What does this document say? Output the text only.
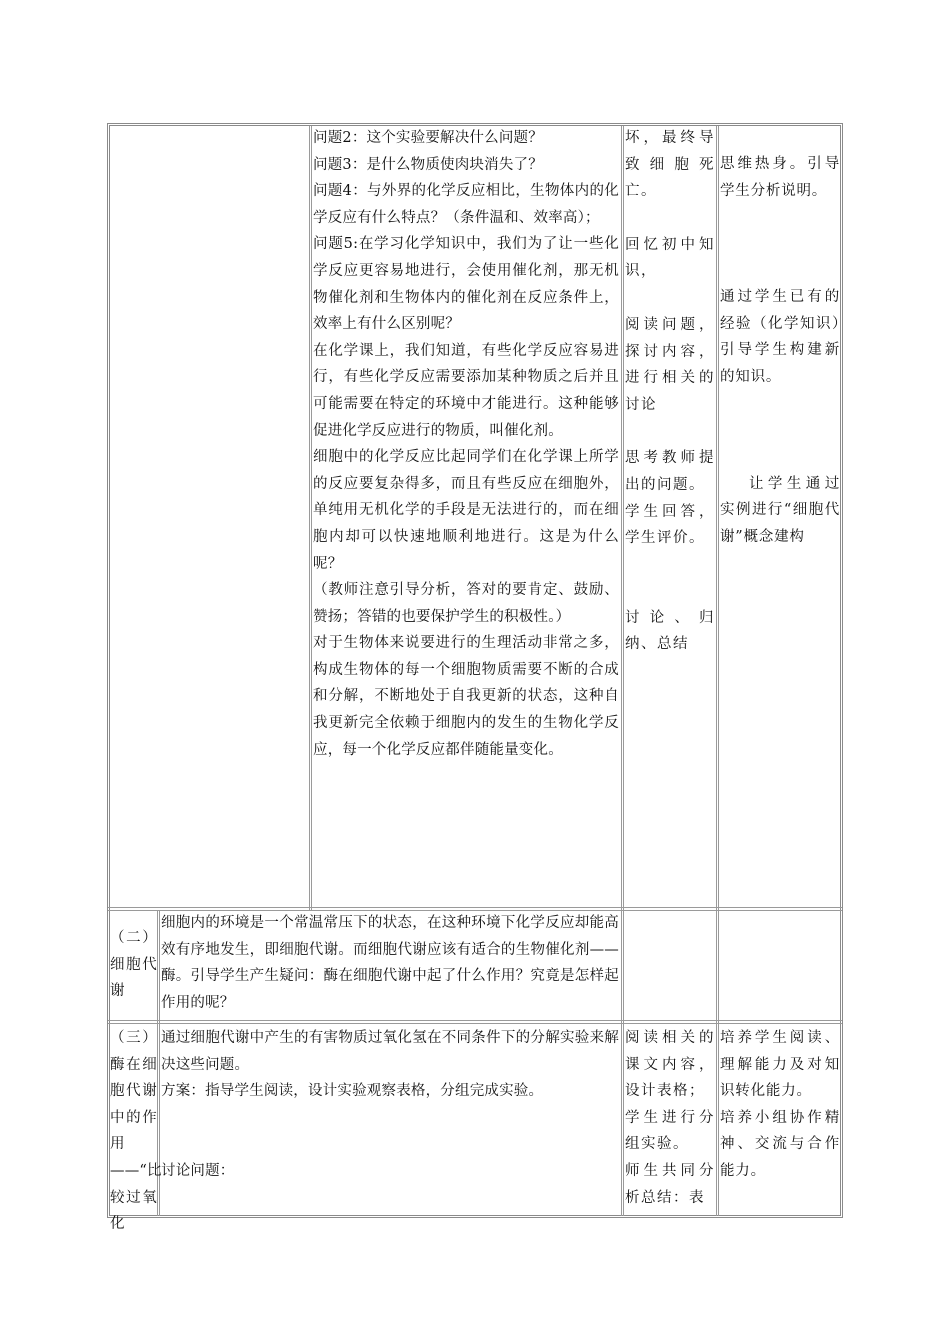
问题2：这个实验要解决什么问题？

问题3：是什么物质使肉块消失了？

问题4：与外界的化学反应相比，生物体内的化学反应有什么特点？（条件温和、效率高）；

问题5:在学习化学知识中，我们为了让一些化学反应更容易地进行，会使用催化剂，那无机物催化剂和生物体内的催化剂在反应条件上，效率上有什么区别呢？

在化学课上，我们知道，有些化学反应容易进行，有些化学反应需要添加某种物质之后并且可能需要在特定的环境中才能进行。这种能够促进化学反应进行的物质，叫催化剂。

细胞中的化学反应比起同学们在化学课上所学的反应要复杂得多，而且有些反应在细胞外，单纯用无机化学的手段是无法进行的，而在细胞内却可以快速地顺利地进行。这是为什么呢？

（教师注意引导分析，答对的要肯定、鼓励、赞扬；答错的也要保护学生的积极性。）

对于生物体来说要进行的生理活动非常之多，构成生物体的每一个细胞物质需要不断的合成和分解，不断地处于自我更新的状态，这种自我更新完全依赖于细胞内的发生的生物化学反应，每一个化学反应都伴随能量变化。

坏，最终导致细胞死亡。

回忆初中知识，

阅读问题，探讨内容，进行相关的讨论

思考教师提出的问题。

学生回答，学生评价。

讨论、归纳、总结

思维热身。引导学生分析说明。

通过学生已有的经验（化学知识）引导学生构建新的知识。

让学生通过实例进行“细胞代谢”概念建构

（二）细胞代谢

细胞内的环境是一个常温常压下的状态，在这种环境下化学反应却能高效有序地发生，即细胞代谢。而细胞代谢应该有适合的生物催化剂——酶。引导学生产生疑问：酶在细胞代谢中起了什么作用？究竟是怎样起作用的呢？

（三）酶在细胞代谢中的作用——“比较过氧化

通过细胞代谢中产生的有害物质过氧化氢在不同条件下的分解实验来解决这些问题。

方案：指导学生阅读，设计实验观察表格，分组完成实验。

讨论问题：

阅读相关的课文内容，设计表格；

学生进行分组实验。

师生共同分析总结：表

培养学生阅读、理解能力及对知识转化能力。

培养小组协作精神、交流与合作能力。
